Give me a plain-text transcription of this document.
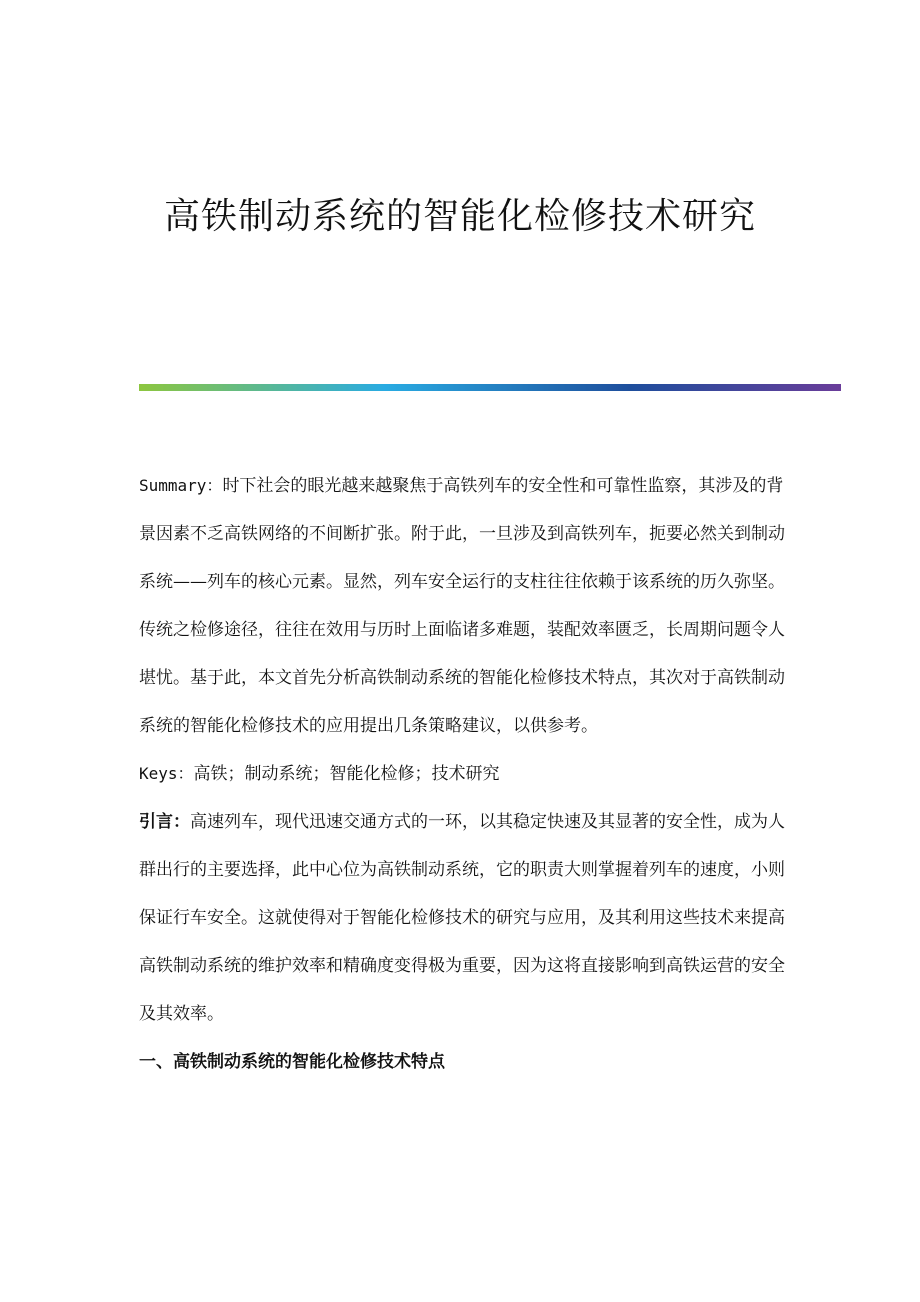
高铁制动系统的智能化检修技术研究

Summary：时下社会的眼光越来越聚焦于高铁列车的安全性和可靠性监察，其涉及的背景因素不乏高铁网络的不间断扩张。附于此，一旦涉及到高铁列车，扼要必然关到制动系统——列车的核心元素。显然，列车安全运行的支柱往往依赖于该系统的历久弥坚。传统之检修途径，往往在效用与历时上面临诸多难题，装配效率匮乏，长周期问题令人堪忧。基于此，本文首先分析高铁制动系统的智能化检修技术特点，其次对于高铁制动系统的智能化检修技术的应用提出几条策略建议，以供参考。

Keys：高铁；制动系统；智能化检修；技术研究

引言：高速列车，现代迅速交通方式的一环，以其稳定快速及其显著的安全性，成为人群出行的主要选择，此中心位为高铁制动系统，它的职责大则掌握着列车的速度，小则保证行车安全。这就使得对于智能化检修技术的研究与应用，及其利用这些技术来提高高铁制动系统的维护效率和精确度变得极为重要，因为这将直接影响到高铁运营的安全及其效率。

一、高铁制动系统的智能化检修技术特点
